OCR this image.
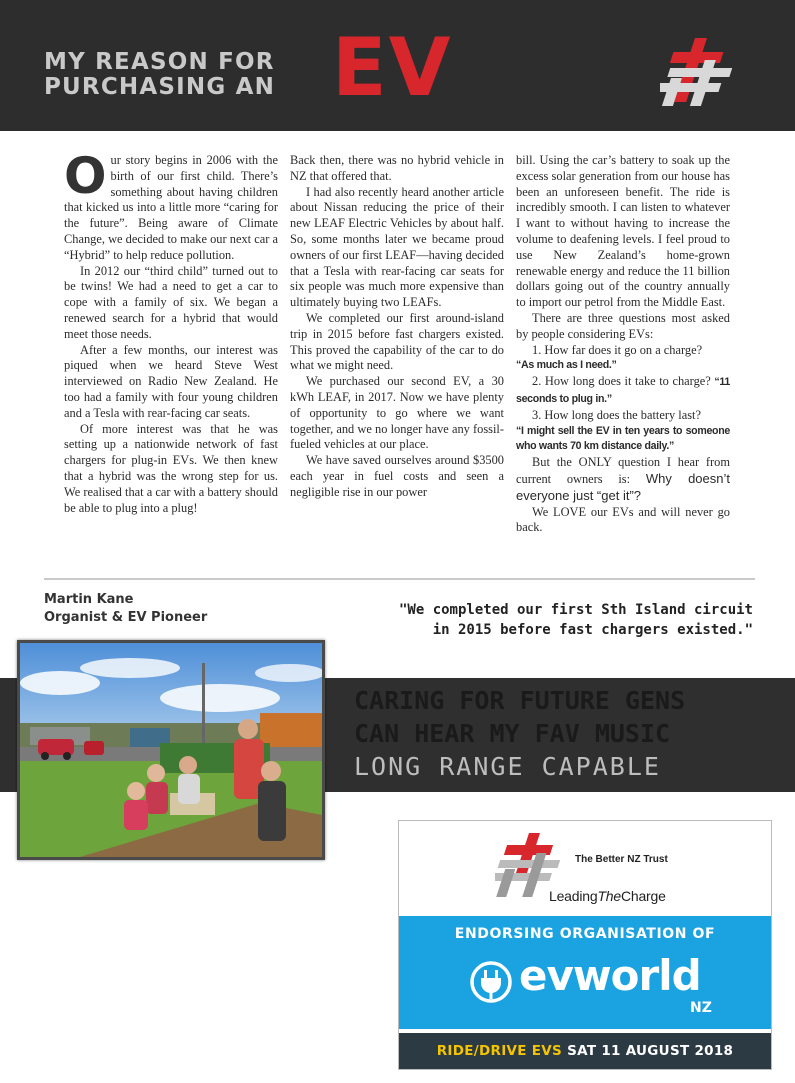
MY REASON FOR
PURCHASING AN EV

Our story begins in 2006 with the birth of our first child. There’s something about having children that kicked us into a little more “caring for the future”. Being aware of Climate Change, we decided to make our next car a “Hybrid” to help reduce pollution.

In 2012 our “third child” turned out to be twins! We had a need to get a car to cope with a family of six. We began a renewed search for a hybrid that would meet those needs.

After a few months, our interest was piqued when we heard Steve West interviewed on Radio New Zealand. He too had a family with four young children and a Tesla with rear-facing car seats.

Of more interest was that he was setting up a nationwide network of fast chargers for plug-in EVs. We then knew that a hybrid was the wrong step for us. We realised that a car with a battery should be able to plug into a plug!

Back then, there was no hybrid vehicle in NZ that offered that.

I had also recently heard another article about Nissan reducing the price of their new LEAF Electric Vehicles by about half. So, some months later we became proud owners of our first LEAF—having decided that a Tesla with rear-facing car seats for six people was much more expensive than ultimately buying two LEAFs.

We completed our first around-island trip in 2015 before fast chargers existed. This proved the capability of the car to do what we might need.

We purchased our second EV, a 30 kWh LEAF, in 2017. Now we have plenty of opportunity to go where we want together, and we no longer have any fossil-fueled vehicles at our place.

We have saved ourselves around $3500 each year in fuel costs and seen a negligible rise in our power

bill. Using the car’s battery to soak up the excess solar generation from our house has been an unforeseen benefit. The ride is incredibly smooth. I can listen to whatever I want to without having to increase the volume to deafening levels. I feel proud to use New Zealand’s home-grown renewable energy and reduce the 11 billion dollars going out of the country annually to import our petrol from the Middle East.

There are three questions most asked by people considering EVs:

1. How far does it go on a charge?

“As much as I need.”

2. How long does it take to charge? “11 seconds to plug in.”

3. How long does the battery last?

“I might sell the EV in ten years to someone who wants 70 km distance daily.”

But the ONLY question I hear from current owners is: Why doesn’t everyone just “get it”?

We LOVE our EVs and will never go back.

Martin Kane
Organist & EV Pioneer	"We completed our first Sth Island circuit
in 2015 before fast chargers existed."
CARING FOR FUTURE GENS
CAN HEAR MY FAV MUSIC
LONG RANGE CAPABLE
The Better NZ Trust
LeadingTheCharge
ENDORSING ORGANISATION OF
evworld
NZ
RIDE/DRIVE EVS SAT 11 AUGUST 2018
